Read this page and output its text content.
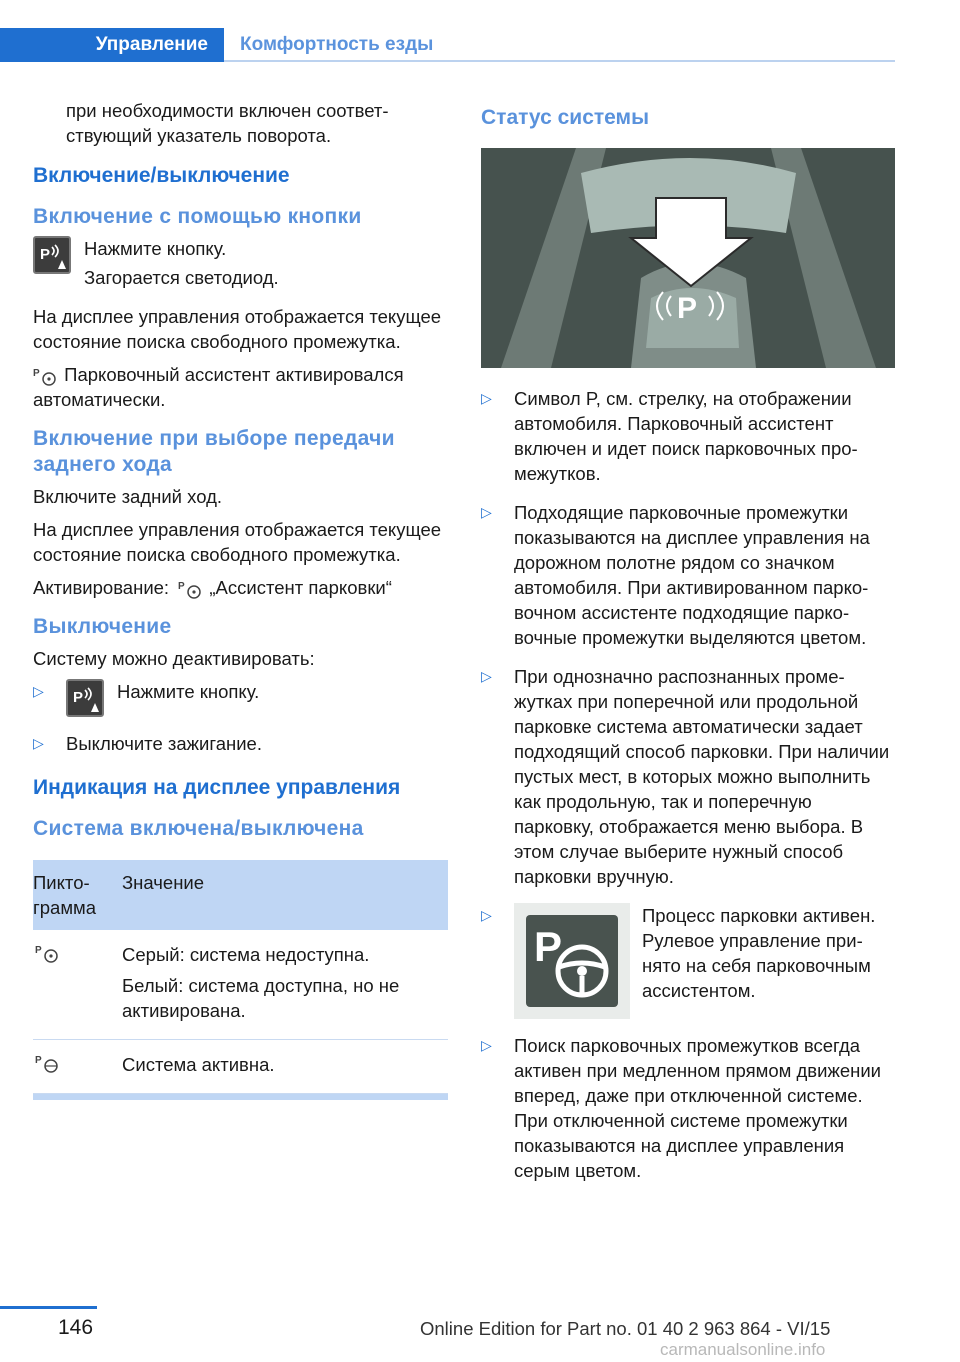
Управление Комфортность езды

при необходимости включен соответствующий указатель поворота.

Включение/выключение
Включение с помощью кнопки
P Нажмите кнопку.

Загорается светодиод.

На дисплее управления отображается текущее состояние поиска свободного промежутка.

P Парковочный ассистент активировался автоматически.

Включение при выборе передачи заднего хода

Включите задний ход.

На дисплее управления отображается текущее состояние поиска свободного промежутка.

Активирование: P „Ассистент парковки“

Выключение

Систему можно деактивировать:

▷	P Нажмите кнопку.
▷	Выключите зажигание.
Индикация на дисплее управления
Система включена/выключена
Пиктограмма
Значение
P	Серый: система недоступна.

Белый: система доступна, но не активирована.

P	Система активна.

Статус системы
P
▷	Символ P, см. стрелку, на отображении автомобиля. Парковочный ассистент включен и идет поиск парковочных промежутков.
▷	Подходящие парковочные промежутки показываются на дисплее управления на дорожном полотне рядом со значком автомобиля. При активированном парковочном ассистенте подходящие парковочные промежутки выделяются цветом.
▷	При однозначно распознанных промежутках при поперечной или продольной парковке система автоматически задает подходящий способ парковки. При наличии пустых мест, в которых можно выполнить как продольную, так и поперечную парковку, отображается меню выбора. В этом случае выберите нужный способ парковки вручную.
▷
P
Процесс парковки активен. Рулевое управление принято на себя парковочным ассистентом.
▷	Поиск парковочных промежутков всегда активен при медленном прямом движении вперед, даже при отключенной системе. При отключенной системе промежутки показываются на дисплее управления серым цветом.
146	Online Edition for Part no. 01 40 2 963 864 - VI/15
carmanualsonline.info
